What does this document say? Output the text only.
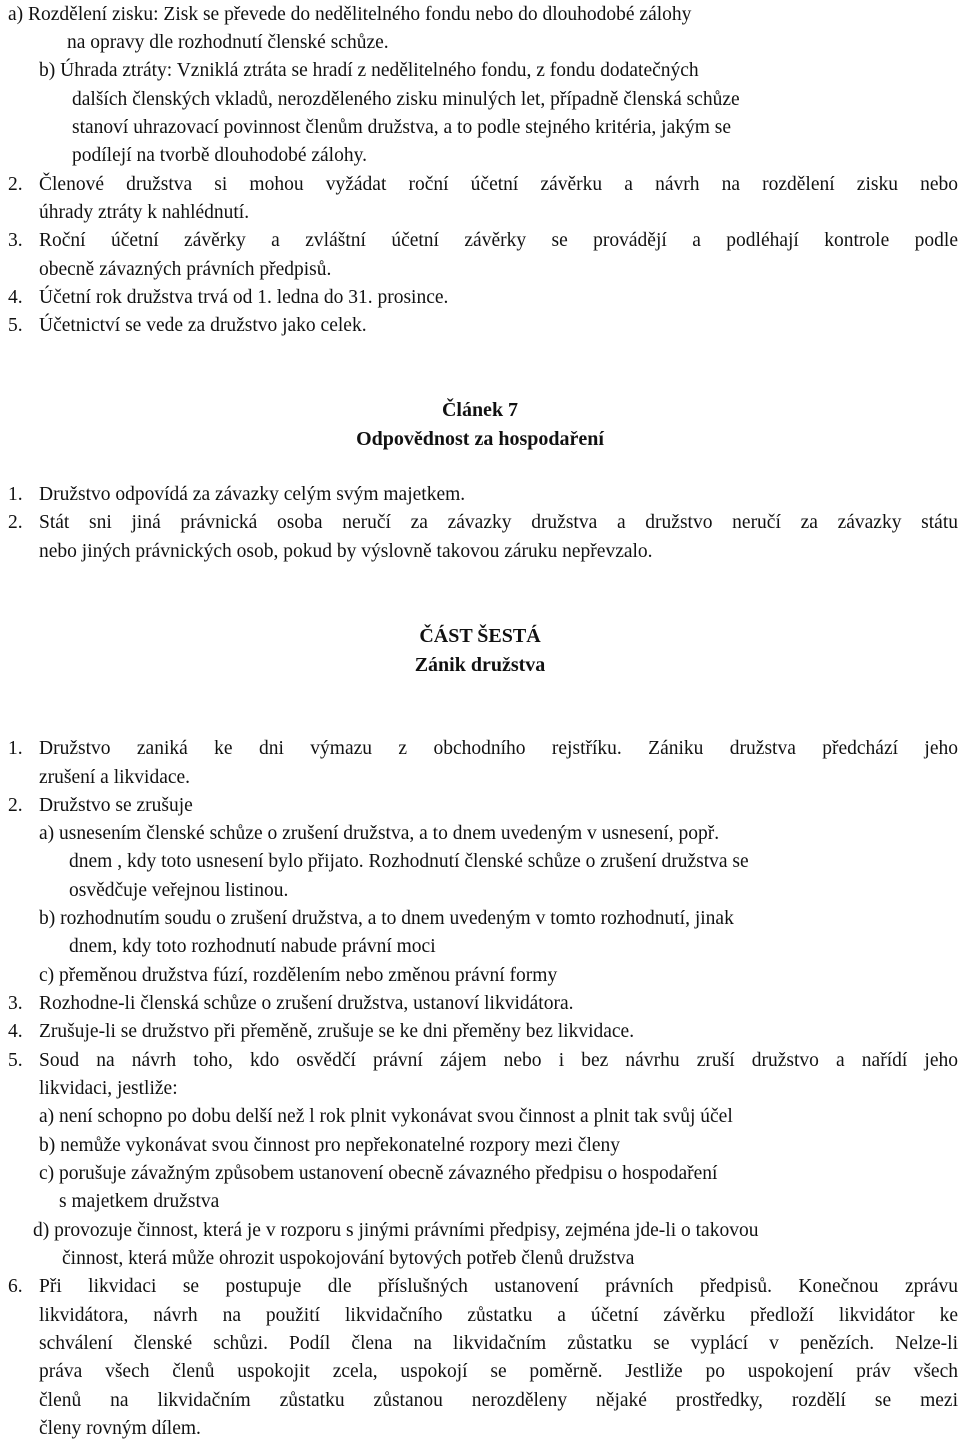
a) Rozdělení zisku: Zisk se převede do nedělitelného fondu nebo do dlouhodobé zálohy
na opravy dle rozhodnutí členské schůze.
b) Úhrada ztráty: Vzniklá ztráta se hradí z nedělitelného fondu, z fondu dodatečných
dalších členských vkladů, nerozděleného zisku minulých let, případně členská schůze
stanoví uhrazovací povinnost členům družstva, a to podle stejného kritéria, jakým se
podílejí na tvorbě dlouhodobé zálohy.
2. Členové družstva si mohou vyžádat roční účetní závěrku a návrh na rozdělení zisku nebo
úhrady ztráty k nahlédnutí.
3. Roční účetní závěrky a zvláštní účetní závěrky se provádějí a podléhají kontrole podle
obecně závazných právních předpisů.
4. Účetní rok družstva trvá od 1. ledna do 31. prosince.
5. Účetnictví se vede za družstvo jako celek.
Článek 7
Odpovědnost za hospodaření
1. Družstvo odpovídá za závazky celým svým majetkem.
2. Stát sni jiná právnická osoba neručí za závazky družstva a družstvo neručí za závazky státu
nebo jiných právnických osob, pokud by výslovně takovou záruku nepřevzalo.
ČÁST ŠESTÁ
Zánik družstva
1. Družstvo zaniká ke dni výmazu z obchodního rejstříku. Zániku družstva předchází jeho
zrušení a likvidace.
2. Družstvo se zrušuje
a) usnesením členské schůze o zrušení družstva, a to dnem uvedeným v usnesení, popř.
dnem , kdy toto usnesení bylo přijato. Rozhodnutí členské schůze o zrušení družstva se
osvědčuje veřejnou listinou.
b) rozhodnutím soudu o zrušení družstva, a to dnem uvedeným v tomto rozhodnutí, jinak
dnem, kdy toto rozhodnutí nabude právní moci
c) přeměnou družstva fúzí, rozdělením nebo změnou právní formy
3. Rozhodne-li členská schůze o zrušení družstva, ustanoví likvidátora.
4. Zrušuje-li se družstvo při přeměně, zrušuje se ke dni přeměny bez likvidace.
5. Soud na návrh toho, kdo osvědčí právní zájem nebo i bez návrhu zruší družstvo a nařídí jeho
likvidaci, jestliže:
a) není schopno po dobu delší než l rok plnit vykonávat svou činnost a plnit tak svůj účel
b) nemůže vykonávat svou činnost pro nepřekonatelné rozpory mezi členy
c) porušuje závažným způsobem ustanovení obecně závazného předpisu o hospodaření
s majetkem družstva
d) provozuje činnost, která je v rozporu s jinými právními předpisy, zejména jde-li o takovou
činnost, která může ohrozit uspokojování bytových potřeb členů družstva
6. Při likvidaci se postupuje dle příslušných ustanovení právních předpisů. Konečnou zprávu
likvidátora, návrh na použití likvidačního zůstatku a účetní závěrku předloží likvidátor ke
schválení členské schůzi. Podíl člena na likvidačním zůstatku se vyplácí v penězích. Nelze-li
práva všech členů uspokojit zcela, uspokojí se poměrně. Jestliže po uspokojení práv všech
členů na likvidačním zůstatku zůstanou nerozděleny nějaké prostředky, rozdělí se mezi
členy rovným dílem.
